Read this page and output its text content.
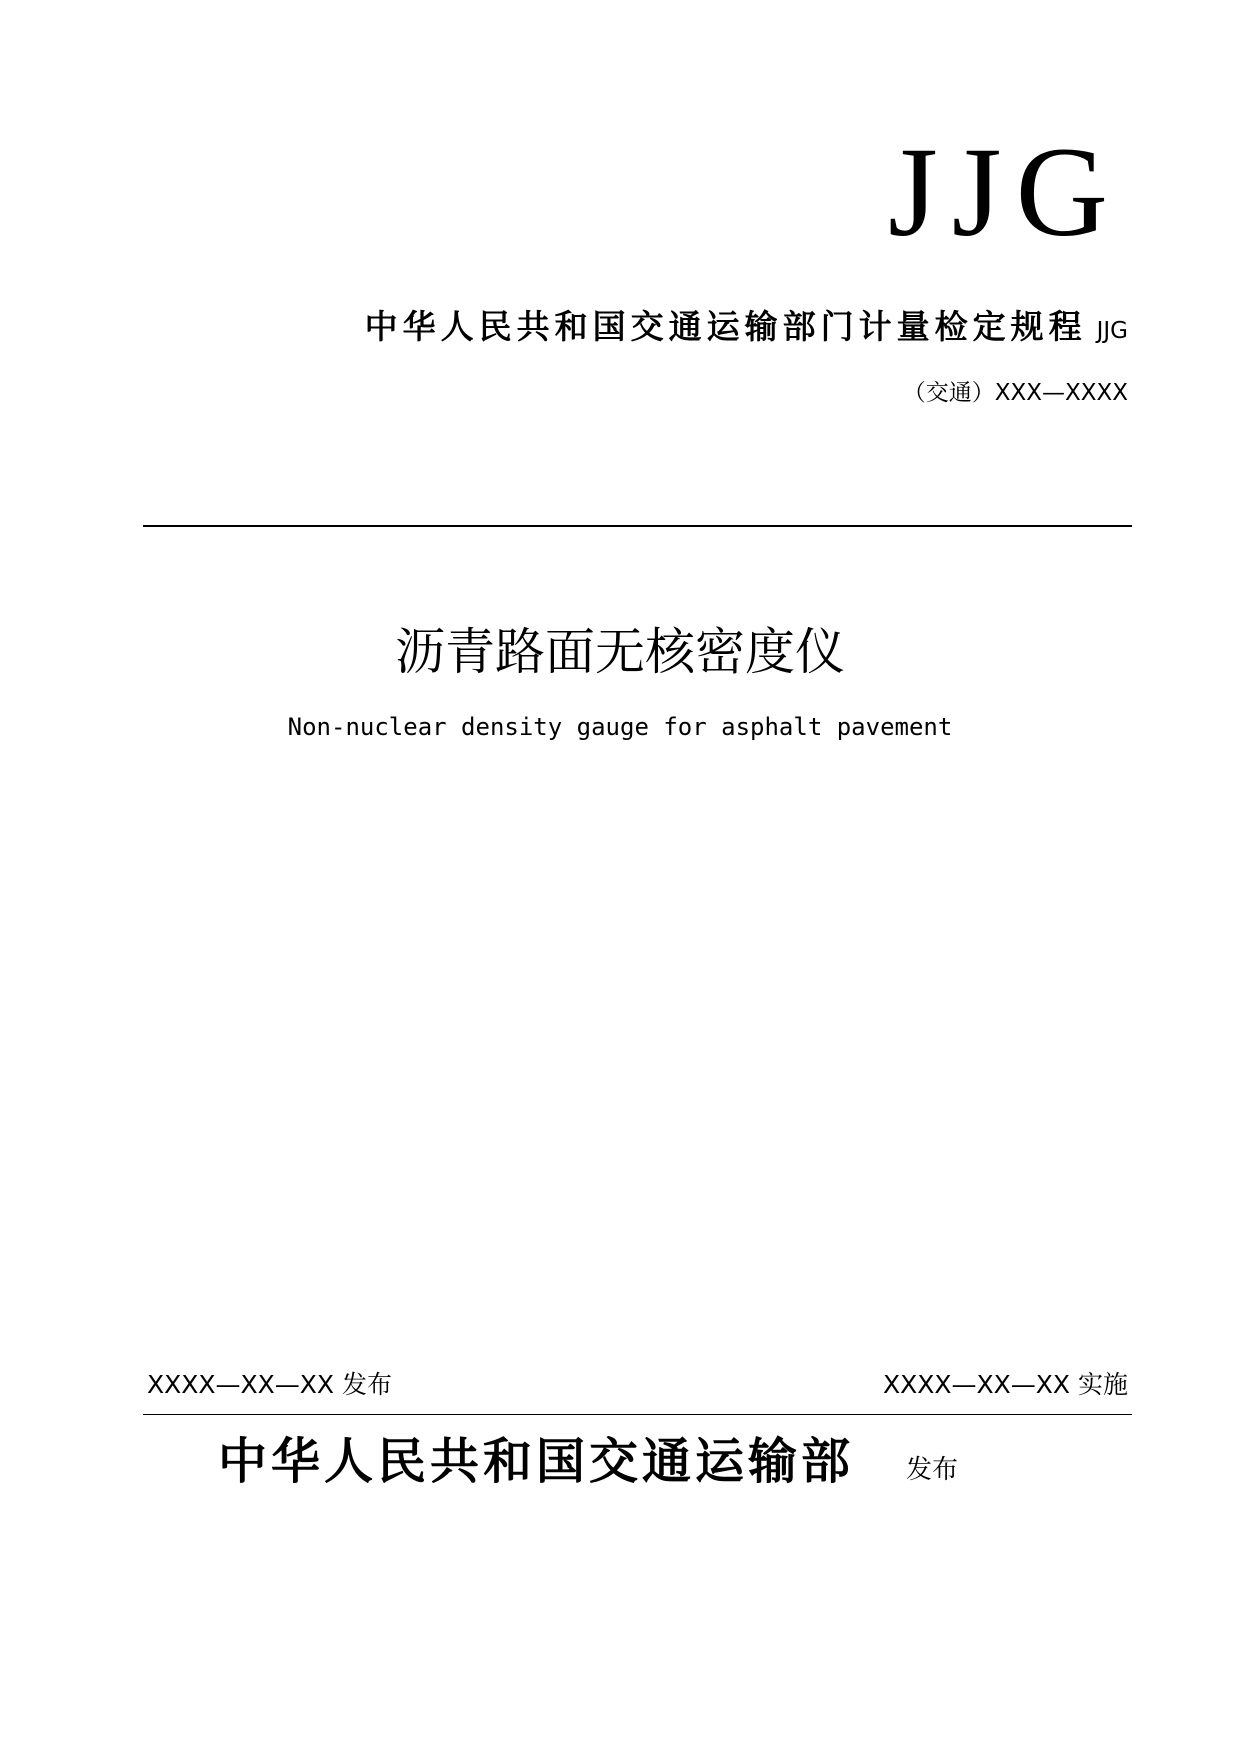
JJG
中华人民共和国交通运输部门计量检定规程 JJG
（交通）XXX—XXXX
沥青路面无核密度仪
Non-nuclear density gauge for asphalt pavement
XXXX—XX—XX 发布	XXXX—XX—XX 实施
中华人民共和国交通运输部 发布
